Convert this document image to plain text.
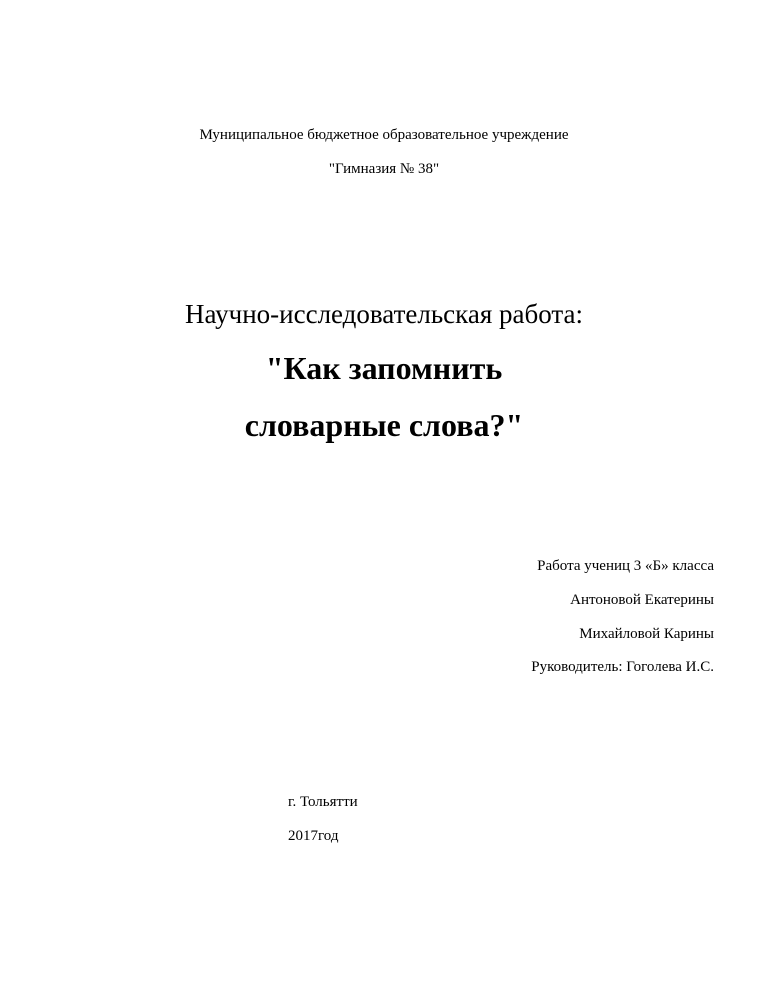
Муниципальное бюджетное образовательное учреждение
"Гимназия № 38"
Научно-исследовательская работа:
"Как запомнить
словарные слова?"
Работа учениц 3 «Б» класса
Антоновой Екатерины
Михайловой Карины
Руководитель: Гоголева И.С.
г. Тольятти
2017год
